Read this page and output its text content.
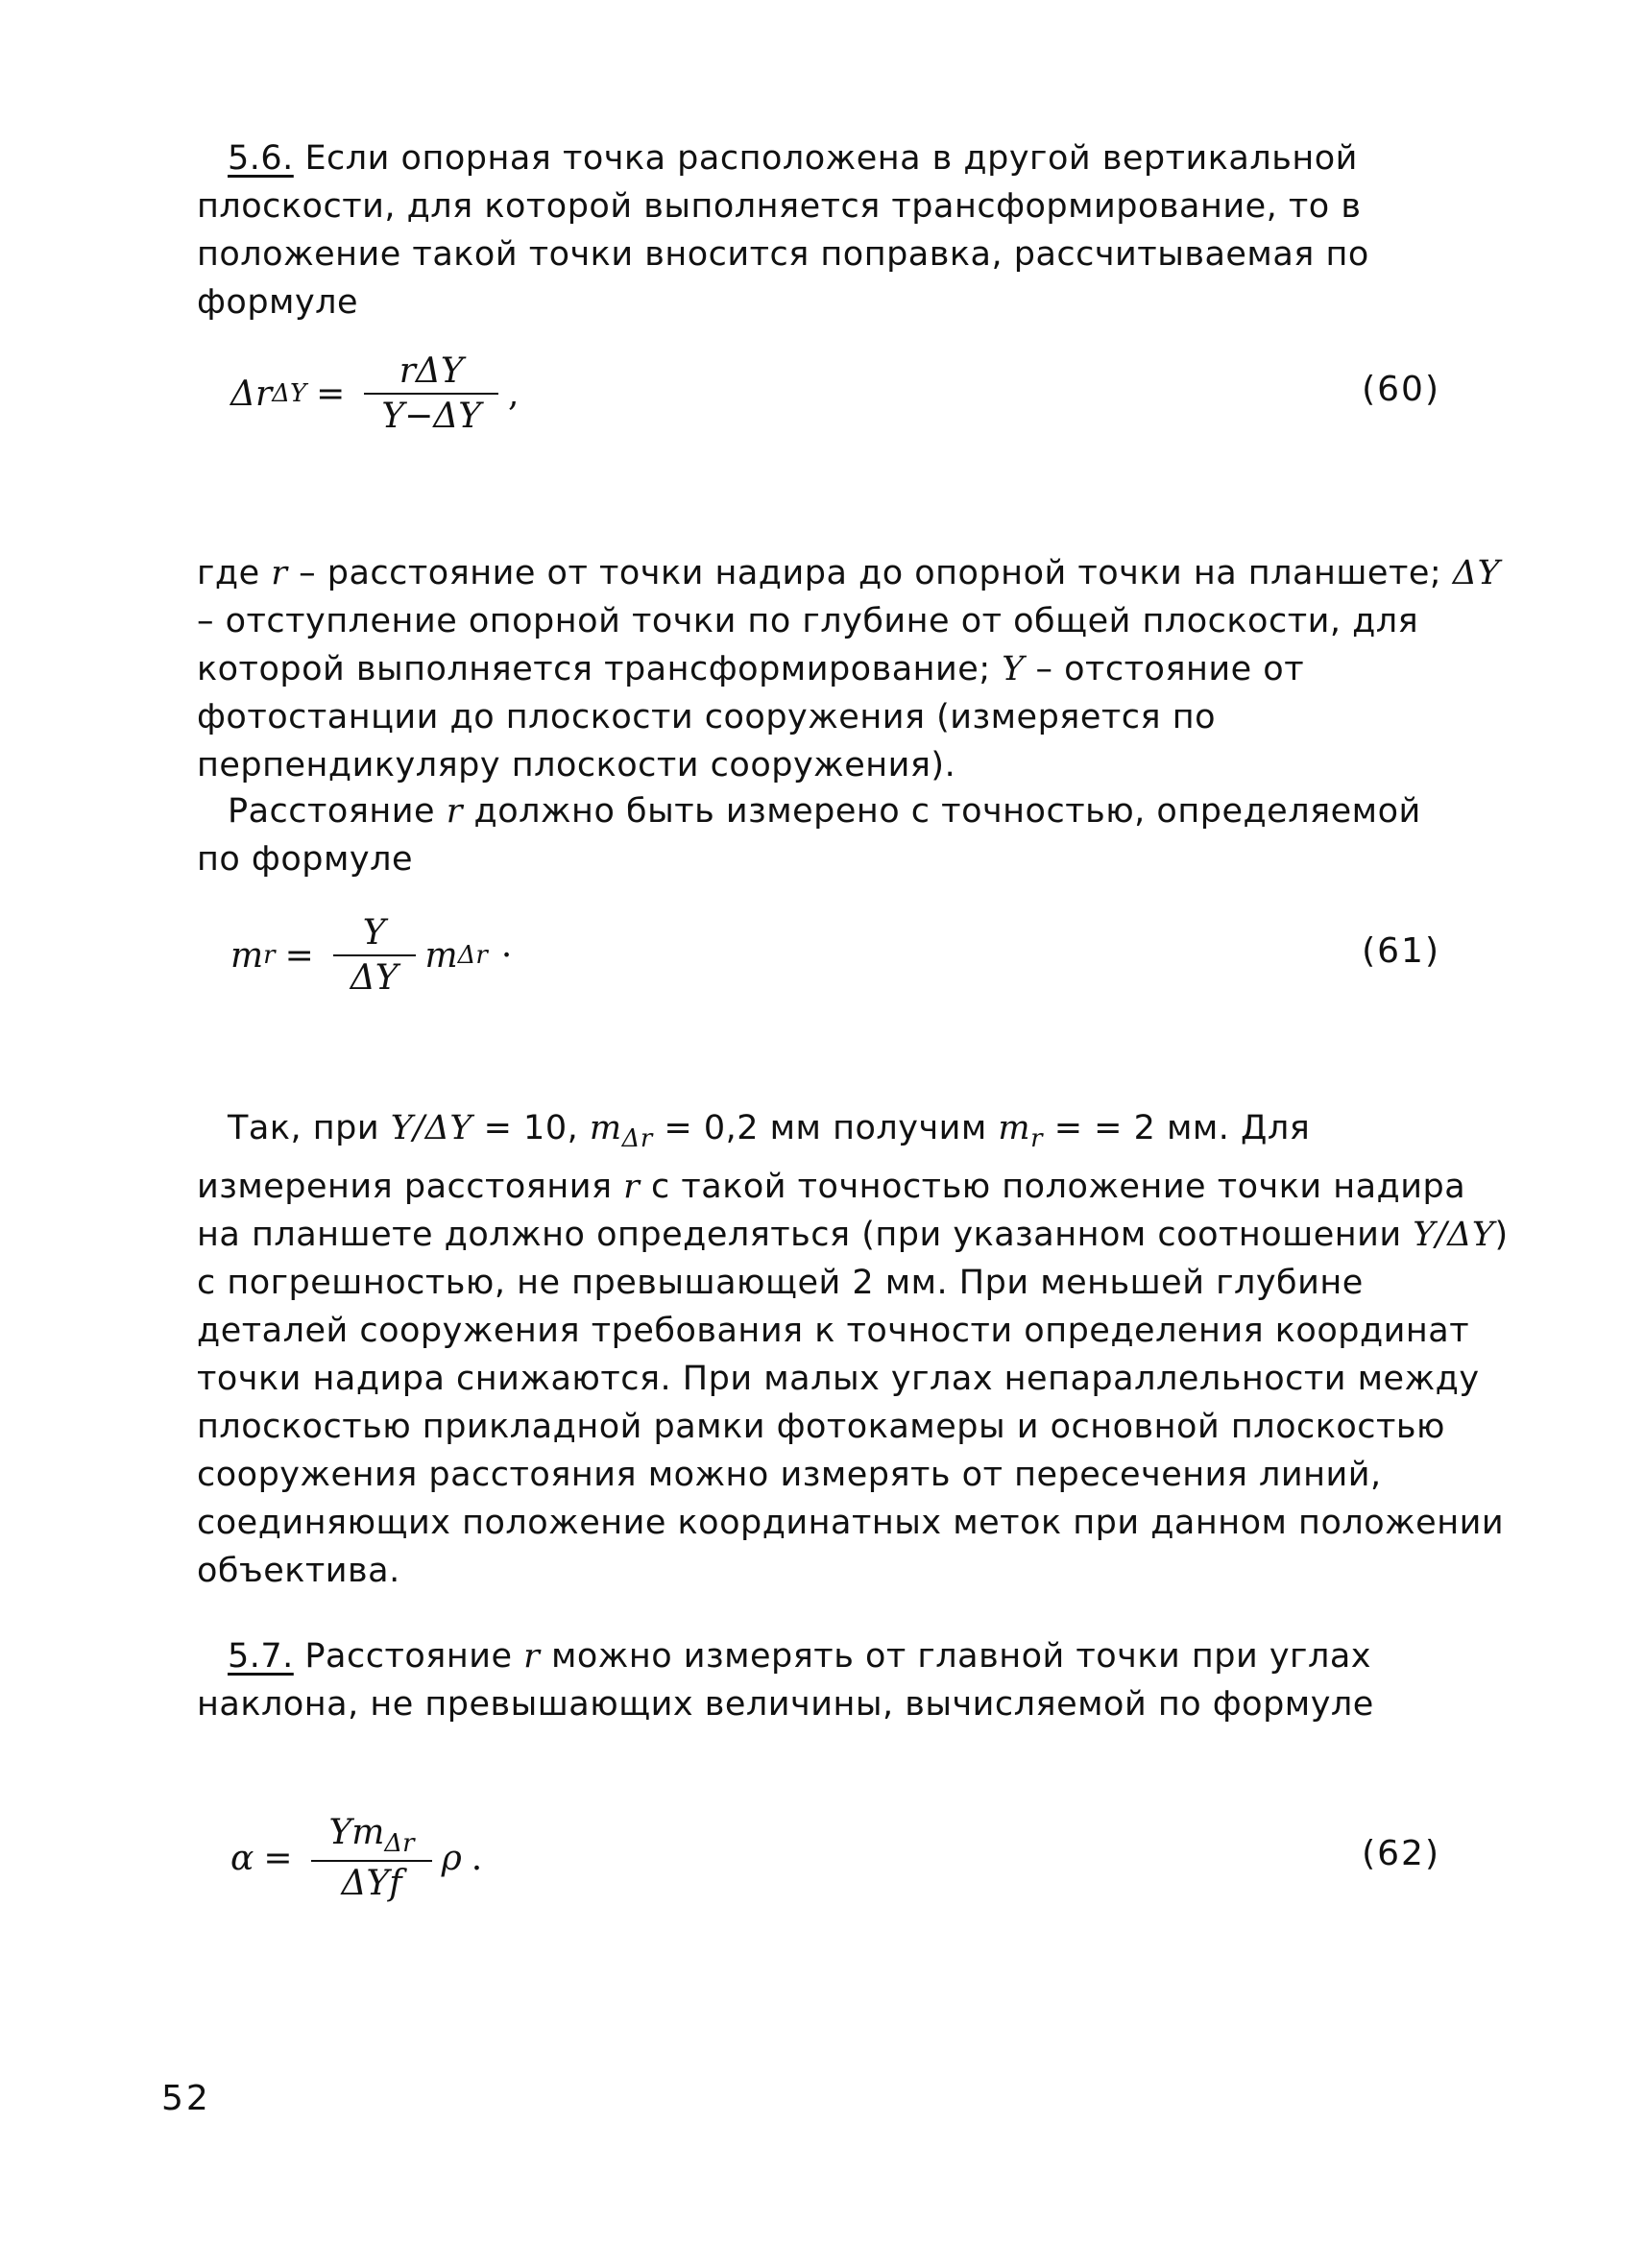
5.6. Если опорная точка расположена в другой вертикальной плоскости, для которой выполняется трансформирование, то в положение такой точки вносится поправка, рассчитываемая по формуле

Δr $\Delta Y = \frac{\text{rΔY}}{Y-\Delta Y}$ ,	(60)

где r – расстояние от точки надира до опорной точки на планшете; ΔY – отступление опорной точки по глубине от общей плоскости, для которой выполняется трансформирование; Y – отстояние от фотостанции до плоскости сооружения (измеряется по перпендикуляру плоскости сооружения).

Расстояние r должно быть измерено с точностью, определяемой по формуле

m $r = \frac{Y}{\Delta Y}$ m Δr ·	(61)

Так, при Y/ΔY = 10, $m_{\Delta r} = 0,2$ мм получим $m_r$ = = 2 мм. Для измерения расстояния r с такой точностью положение точки надира на планшете должно определяться (при указанном соотношении Y/ΔY) с погрешностью, не превышающей 2 мм. При меньшей глубине деталей сооружения требования к точности определения координат точки надира снижаются. При малых углах непараллельности между плоскостью прикладной рамки фотокамеры и основной плоскостью сооружения расстояния можно измерять от пересечения линий, соединяющих положение координатных меток при данном положении объектива.

5.7. Расстояние r можно измерять от главной точки при углах наклона, не превышающих величины, вычисляемой по формуле

$\alpha = \frac{Ym_{\Delta r}}{\text{ΔYf}}$ ρ .	(62)
52
